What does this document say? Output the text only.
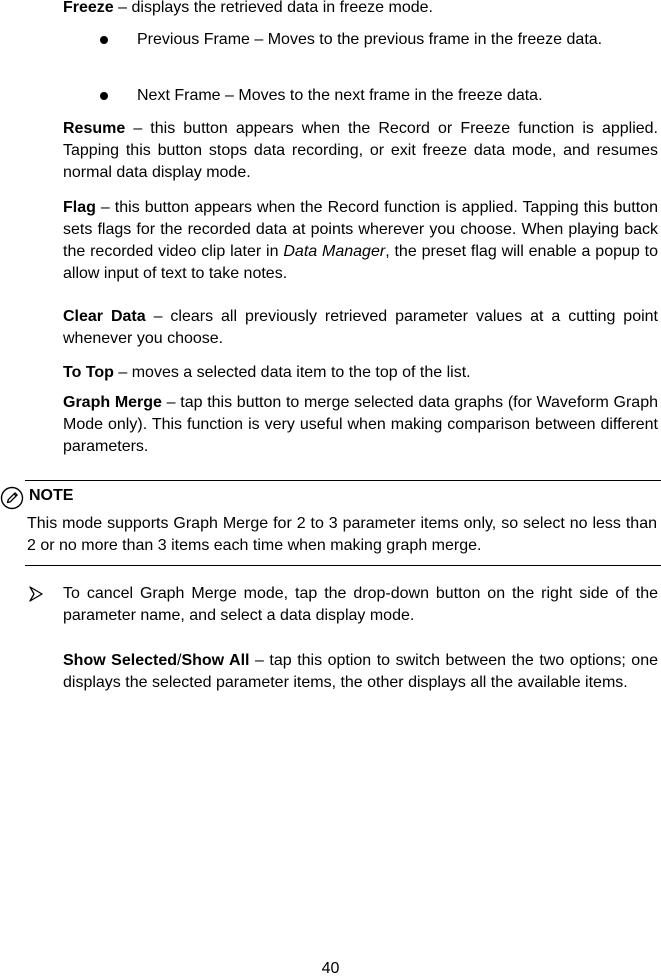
Freeze – displays the retrieved data in freeze mode.

Previous Frame – Moves to the previous frame in the freeze data.
Next Frame – Moves to the next frame in the freeze data.

Resume – this button appears when the Record or Freeze function is applied. Tapping this button stops data recording, or exit freeze data mode, and resumes normal data display mode.

Flag – this button appears when the Record function is applied. Tapping this button sets flags for the recorded data at points wherever you choose. When playing back the recorded video clip later in Data Manager, the preset flag will enable a popup to allow input of text to take notes.

Clear Data – clears all previously retrieved parameter values at a cutting point whenever you choose.

To Top – moves a selected data item to the top of the list.

Graph Merge – tap this button to merge selected data graphs (for Waveform Graph Mode only). This function is very useful when making comparison between different parameters.

NOTE
This mode supports Graph Merge for 2 to 3 parameter items only, so select no less than 2 or no more than 3 items each time when making graph merge.
To cancel Graph Merge mode, tap the drop-down button on the right side of the parameter name, and select a data display mode.

Show Selected/Show All – tap this option to switch between the two options; one displays the selected parameter items, the other displays all the available items.

40
